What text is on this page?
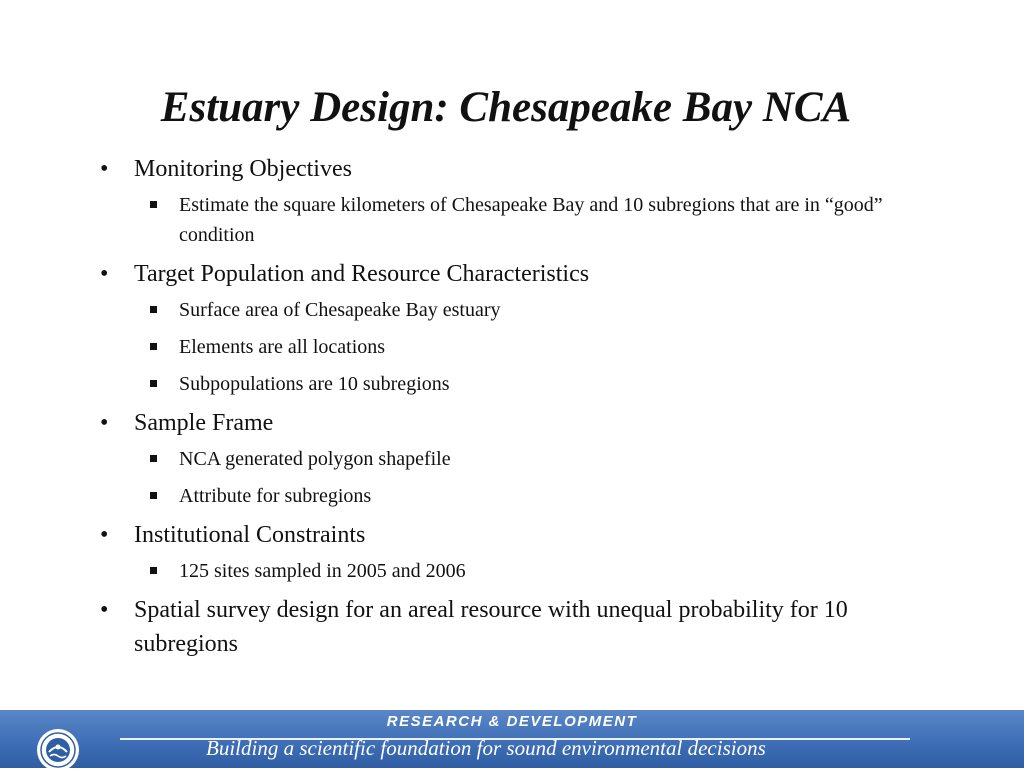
Estuary Design: Chesapeake Bay NCA
• Monitoring Objectives
Estimate the square kilometers of Chesapeake Bay and 10 subregions that are in “good” condition
• Target Population and Resource Characteristics
Surface area of Chesapeake Bay estuary
Elements are all locations
Subpopulations are 10 subregions
• Sample Frame
NCA generated polygon shapefile
Attribute for subregions
• Institutional Constraints
125 sites sampled in 2005 and 2006
• Spatial survey design for an areal resource with unequal probability for 10 subregions
RESEARCH & DEVELOPMENT
Building a scientific foundation for sound environmental decisions
